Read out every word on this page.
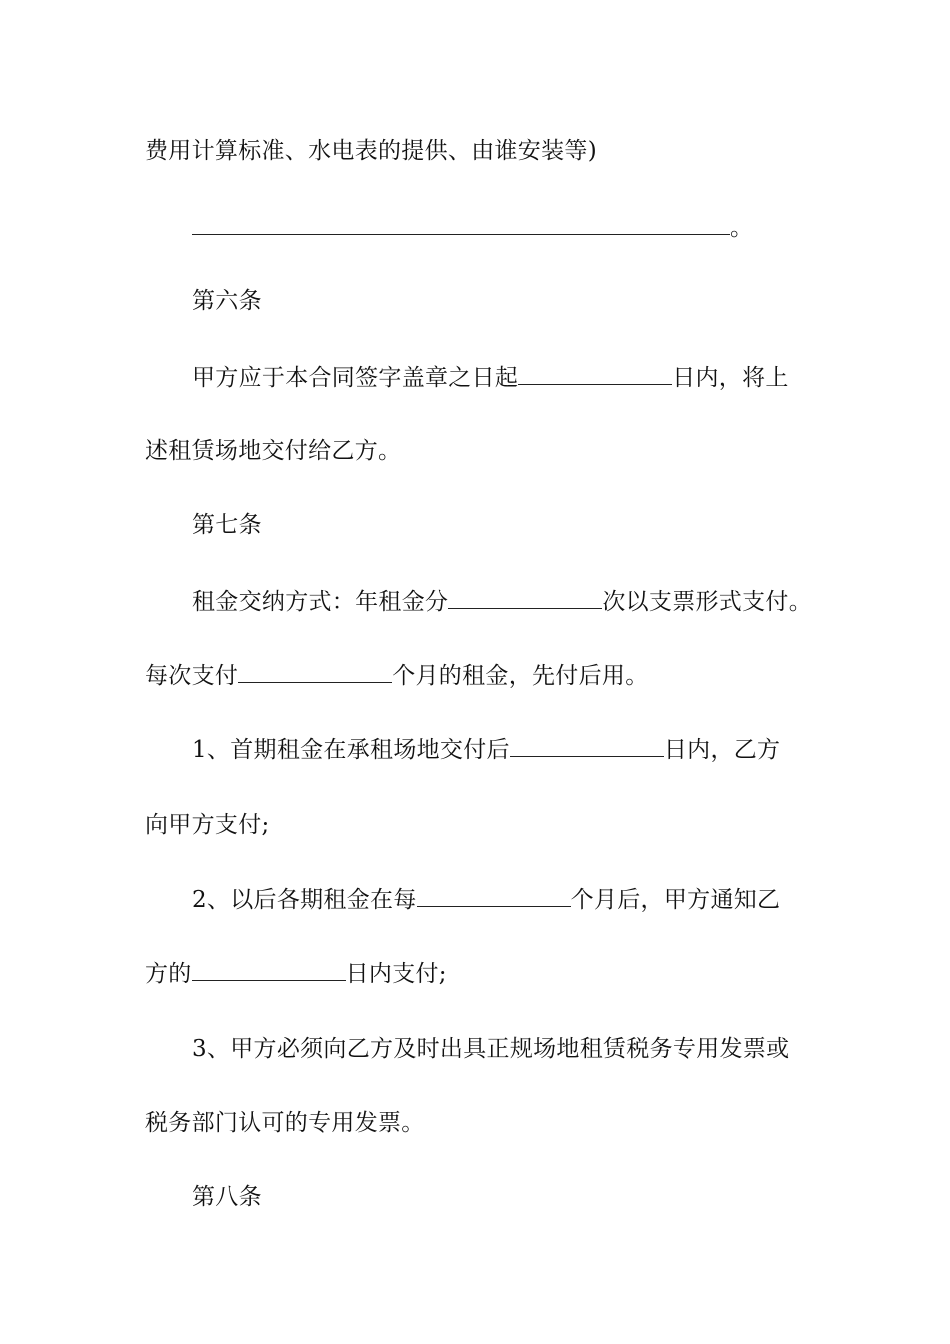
费用计算标准、水电表的提供、由谁安装等)
。
第六条
甲方应于本合同签字盖章之日起	日内，将上
述租赁场地交付给乙方。
第七条
租金交纳方式：年租金分	次以支票形式支付。
每次支付	个月的租金，先付后用。
1、首期租金在承租场地交付后	日内，乙方
向甲方支付;
2、以后各期租金在每	个月后，甲方通知乙
方的	日内支付;
3、甲方必须向乙方及时出具正规场地租赁税务专用发票或
税务部门认可的专用发票。
第八条
